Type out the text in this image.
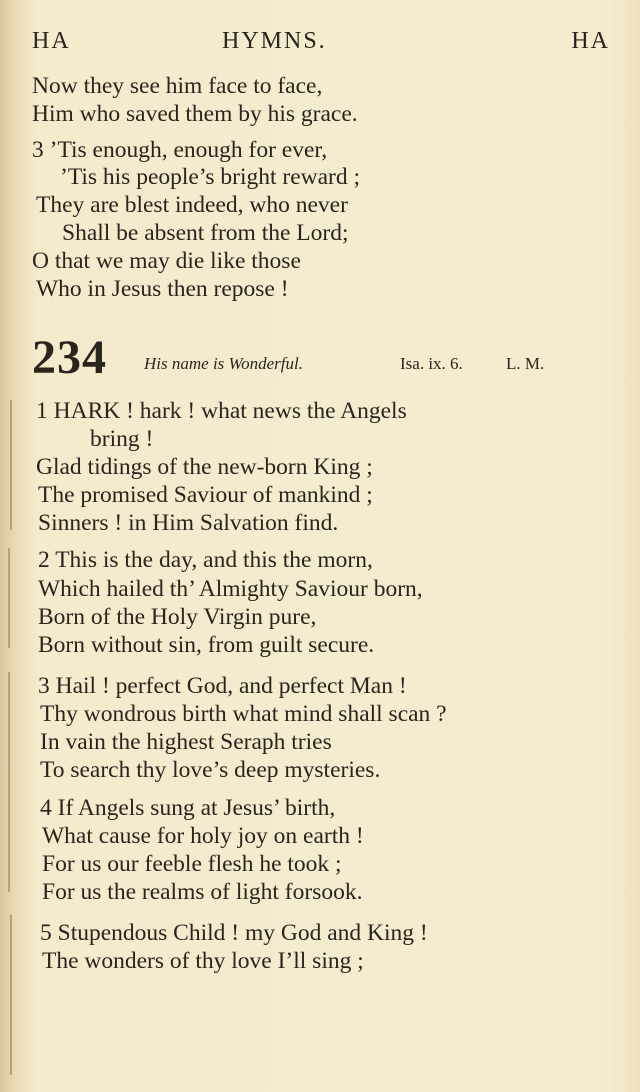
HA	HYMNS.	HA
Now they see him face to face,
Him who saved them by his grace.
3 ’Tis enough, enough for ever,
’Tis his people’s bright reward ;
They are blest indeed, who never
Shall be absent from the Lord;
O that we may die like those
Who in Jesus then repose !
234 His name is Wonderful.	Isa. ix. 6.	L. M.
1 HARK ! hark ! what news the Angels
bring !
Glad tidings of the new-born King ;
The promised Saviour of mankind ;
Sinners ! in Him Salvation find.
2 This is the day, and this the morn,
Which hailed th’ Almighty Saviour born,
Born of the Holy Virgin pure,
Born without sin, from guilt secure.
3 Hail ! perfect God, and perfect Man !
Thy wondrous birth what mind shall scan ?
In vain the highest Seraph tries
To search thy love’s deep mysteries.
4 If Angels sung at Jesus’ birth,
What cause for holy joy on earth !
For us our feeble flesh he took ;
For us the realms of light forsook.
5 Stupendous Child ! my God and King !
The wonders of thy love I’ll sing ;
